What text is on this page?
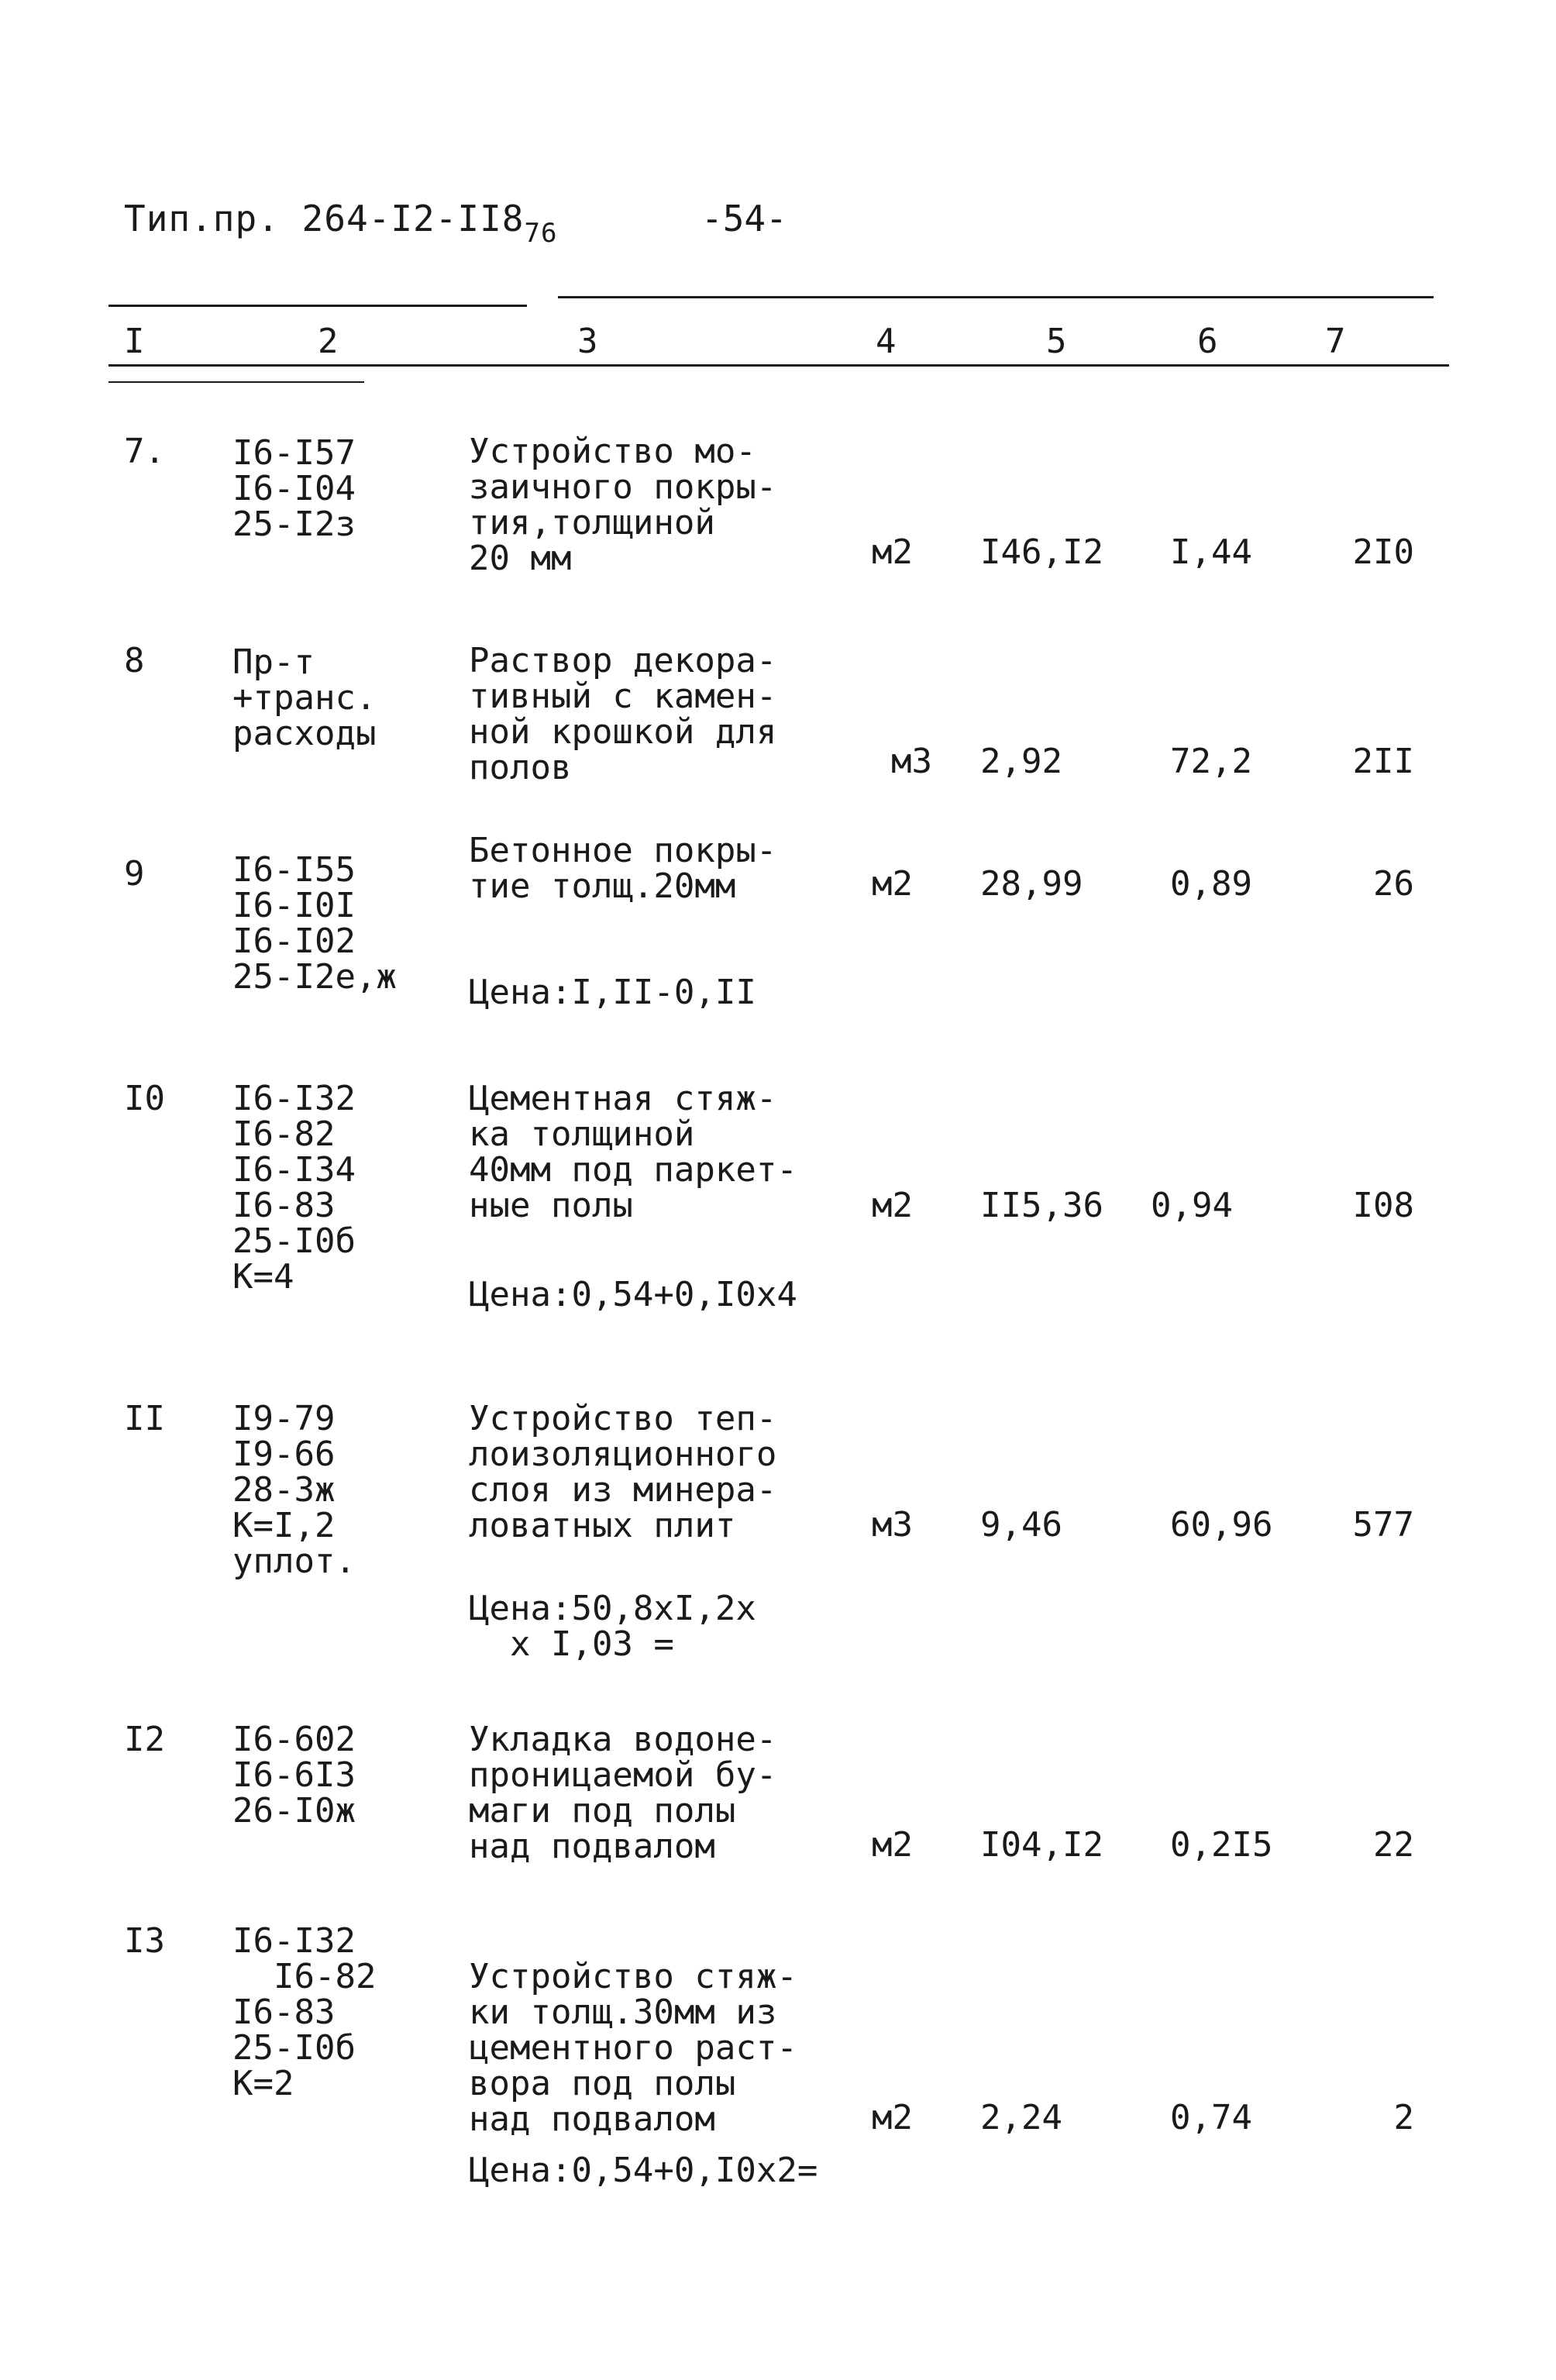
Тип.пр. $264-I2-II8_{76}$	-54-
I	2	3	4	5	6	7
7. I6-I57
I6-I04
25-I2з
Устройство мо-
заичного покры-
тия,толщиной
20 мм	м2 I46,I2 I,44	2I0
8	Пр-т
+транс.
расходы
Раствор декора-
тивный с камен-
ной крошкой для
полов	м3 2,92	72,2	2II
9	I6-I55
I6-I0I
I6-I02
25-I2е,ж
Бетонное покры-
тие толщ.20мм
Цена:I,II-0,II
м2 28,99	0,89	26
I0 I6-I32
I6-82
I6-I34
I6-83
25-I0б
К=4
Цементная стяж-
ка толщиной
40мм под паркет-
ные полы
Цена:0,54+0,I0х4
м2 II5,36 0,94	I08
II I9-79
I9-66
28-3ж
К=I,2
уплот.
Устройство теп-
лоизоляционного
слоя из минера-
ловатных плит
Цена:50,8хI,2х
х I,03 =
м3 9,46	60,96	577
I2 I6-602
I6-6I3
26-I0ж
Укладка водоне-
проницаемой бу-
маги под полы
над подвалом	м2 I04,I2 0,2I5	22
I3 I6-I32
I6-82
I6-83
25-I0б
К=2
Устройство стяж-
ки толщ.30мм из
цементного раст-
вора под полы
над подвалом
Цена:0,54+0,I0х2=
м2 2,24	0,74	2
